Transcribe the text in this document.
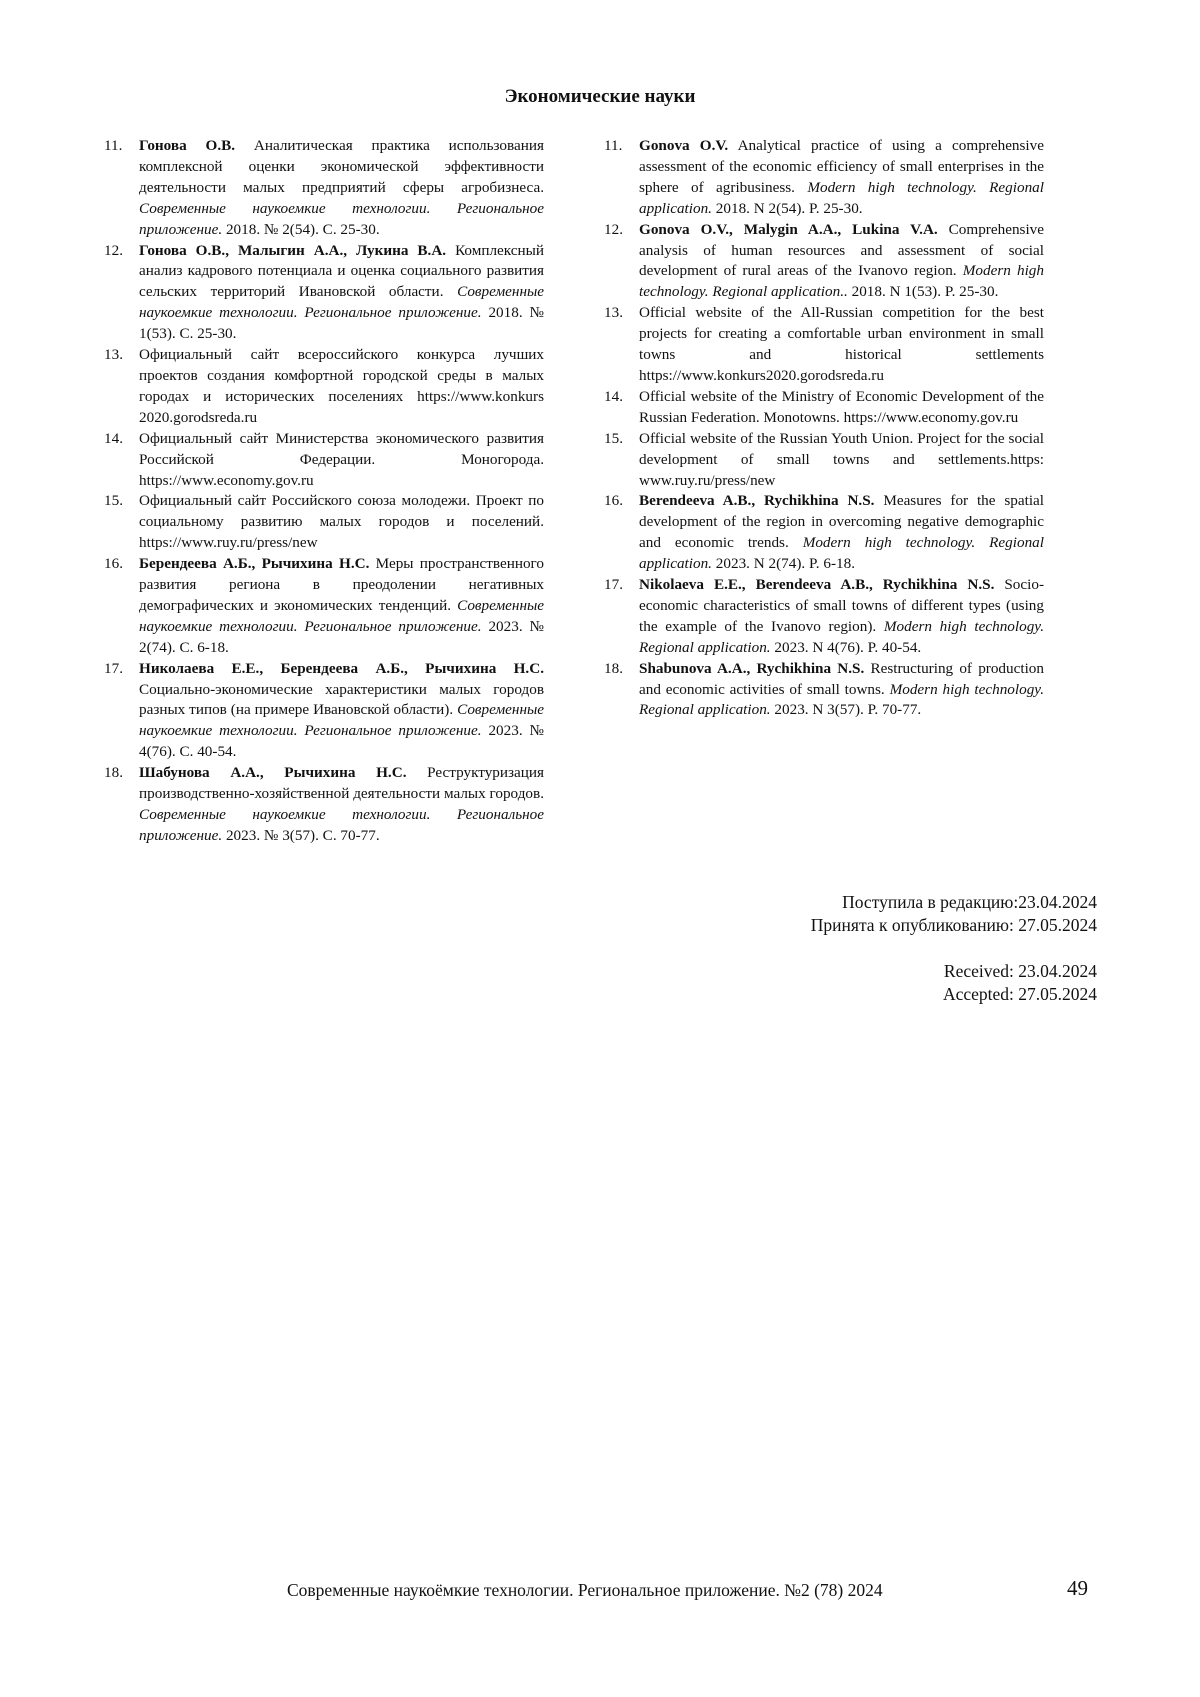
Экономические науки
11.	Гонова О.В. Аналитическая практика использования комплексной оценки экономической эффективности деятельности малых предприятий сферы агробизнеса. Современные наукоемкие технологии. Региональное приложение. 2018. № 2(54). С. 25-30.
12.	Гонова О.В., Малыгин А.А., Лукина В.А. Комплексный анализ кадрового потенциала и оценка социального развития сельских территорий Ивановской области. Современные наукоемкие технологии. Региональное приложение. 2018. № 1(53). С. 25-30.
13.	Официальный сайт всероссийского конкурса лучших проектов создания комфортной городской среды в малых городах и исторических поселениях https://www.konkurs 2020.gorodsreda.ru
14.	Официальный сайт Министерства экономического развития Российской Федерации. Моногорода. https://www.economy.gov.ru
15.	Официальный сайт Российского союза молодежи. Проект по социальному развитию малых городов и поселений. https://www.ruy.ru/press/new
16.	Берендеева А.Б., Рычихина Н.С. Меры пространственного развития региона в преодолении негативных демографических и экономических тенденций. Современные наукоемкие технологии. Региональное приложение. 2023. № 2(74). С. 6-18.
17.	Николаева Е.Е., Берендеева А.Б., Рычихина Н.С. Социально-экономические характеристики малых городов разных типов (на примере Ивановской области). Современные наукоемкие технологии. Региональное приложение. 2023. № 4(76). С. 40-54.
18.	Шабунова А.А., Рычихина Н.С. Реструктуризация производственно-хозяйственной деятельности малых городов. Современные наукоемкие технологии. Региональное приложение. 2023. № 3(57). С. 70-77.
11.	Gonova O.V. Analytical practice of using a comprehensive assessment of the economic efficiency of small enterprises in the sphere of agribusiness. Modern high technology. Regional application. 2018. N 2(54). P. 25-30.
12.	Gonova O.V., Malygin A.A., Lukina V.A. Comprehensive analysis of human resources and assessment of social development of rural areas of the Ivanovo region. Modern high technology. Regional application.. 2018. N 1(53). P. 25-30.
13.	Official website of the All-Russian competition for the best projects for creating a comfortable urban environment in small towns and historical settlements https://www.konkurs2020.gorodsreda.ru
14.	Official website of the Ministry of Economic Development of the Russian Federation. Monotowns. https://www.economy.gov.ru
15.	Official website of the Russian Youth Union. Project for the social development of small towns and settlements.https: www.ruy.ru/press/new
16.	Berendeeva A.B., Rychikhina N.S. Measures for the spatial development of the region in overcoming negative demographic and economic trends. Modern high technology. Regional application. 2023. N 2(74). P. 6-18.
17.	Nikolaeva E.E., Berendeeva A.B., Rychikhina N.S. Socio-economic characteristics of small towns of different types (using the example of the Ivanovo region). Modern high technology. Regional application. 2023. N 4(76). P. 40-54.
18.	Shabunova A.A., Rychikhina N.S. Restructuring of production and economic activities of small towns. Modern high technology. Regional application. 2023. N 3(57). P. 70-77.
Поступила в редакцию:23.04.2024
Принята к опубликованию: 27.05.2024
Received: 23.04.2024
Accepted: 27.05.2024
Современные наукоёмкие технологии. Региональное приложение. №2 (78) 2024	49
